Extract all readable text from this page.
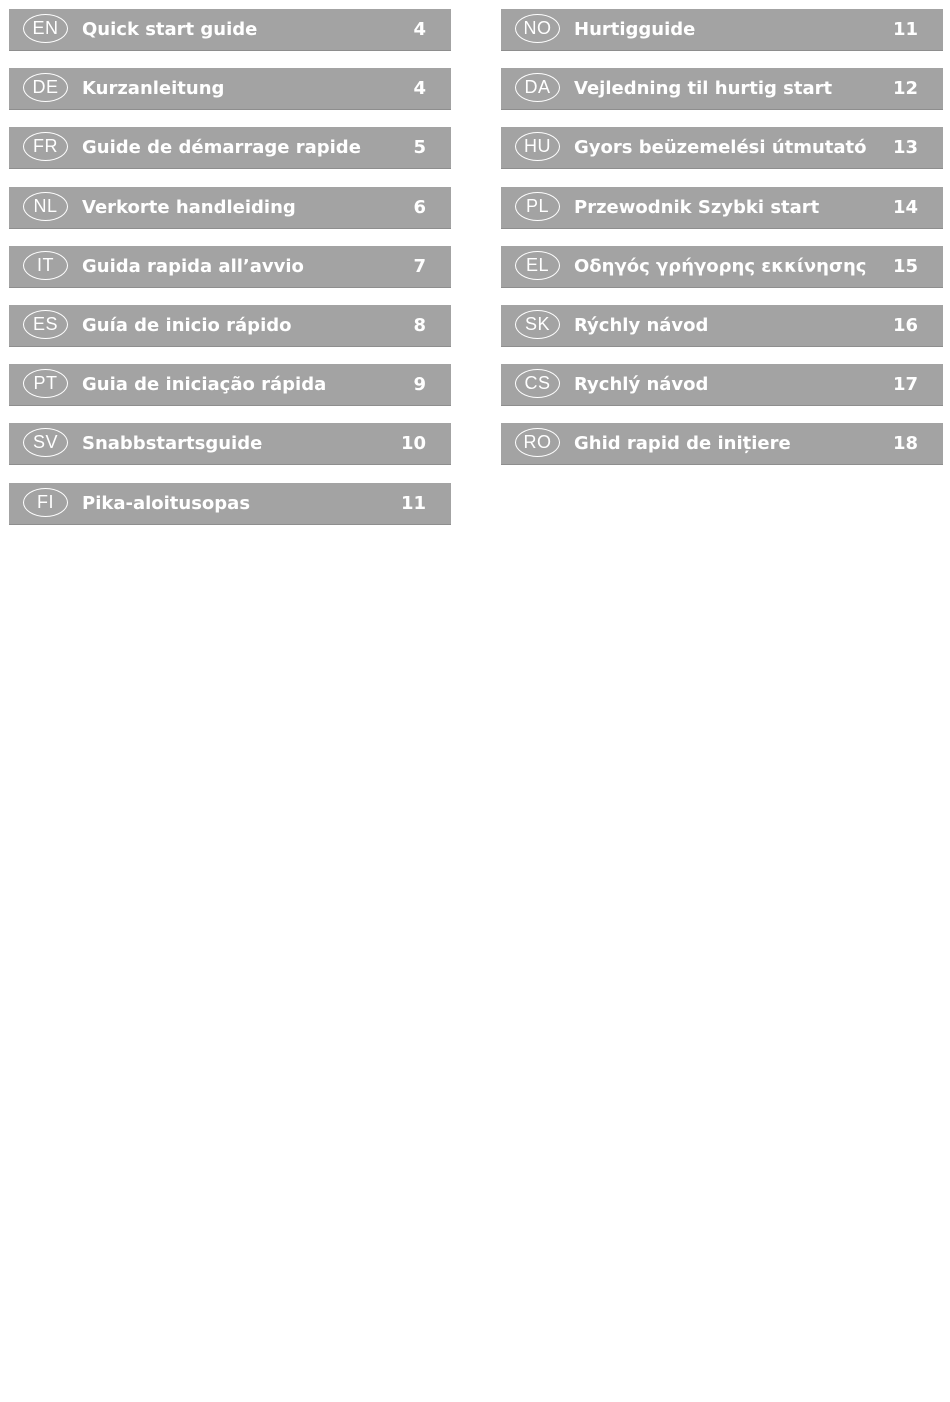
EN	Quick start guide	4
DE	Kurzanleitung	4
FR	Guide de démarrage rapide	5
NL	Verkorte handleiding	6
IT	Guida rapida all’avvio	7
ES	Guía de inicio rápido	8
PT	Guia de iniciação rápida	9
SV	Snabbstartsguide	10
FI	Pika-aloitusopas	11
NO	Hurtigguide	11
DA	Vejledning til hurtig start	12
HU	Gyors beüzemelési útmutató 13
PL	Przewodnik Szybki start	14
EL	Οδηγός γρήγορης εκκίνησης 15
SK	Rýchly návod	16
CS	Rychlý návod	17
RO	Ghid rapid de inițiere	18
